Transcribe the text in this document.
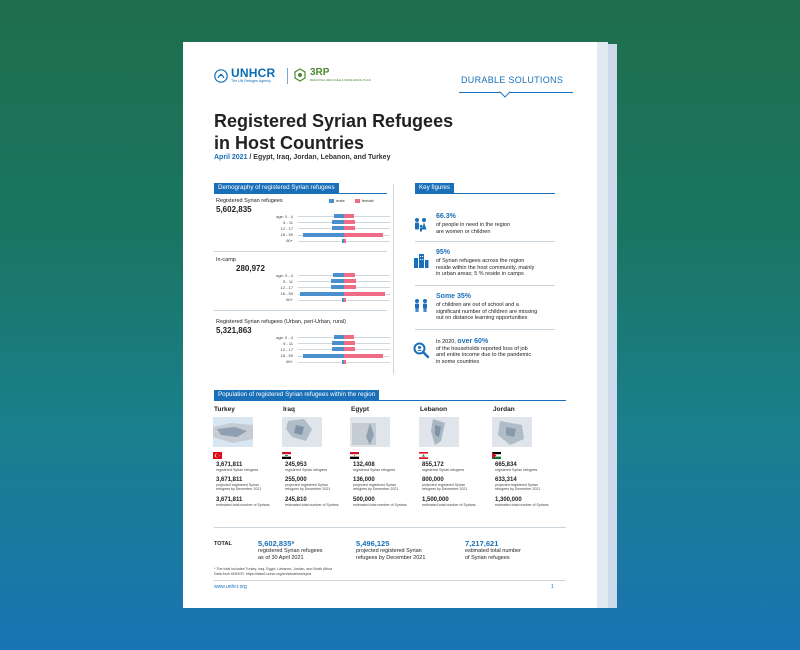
UNHCR
The UN Refugee Agency
3RP
REGIONAL REFUGEE & RESILIENCE PLAN	DURABLE SOLUTIONS
Registered Syrian Refugees
in Host Countries
April 2021 / Egypt, Iraq, Jordan, Lebanon, and Turkey
Demography of registered Syrian refugees
male	female
Key figures
66.3%
of people in need in the region
are women or children
95%
of Syrian refugees across the region
reside within the host community, mainly
in urban areas; 5 % reside in camps
Some 35%
of children are out of school and a
significant number of children are missing
out on distance learning opportunities
In 2020, over 60%
of the households reported loss of job
and entire income due to the pandemic
in some countries
Population of registered Syrian refugees within the region
TOTAL	5,602,835*
registered Syrian refugees
as of 30 April 2021
5,496,125
projected registered Syrian
refugees by December 2021
7,217,621
estimated total number
of Syrian refugees
* The total includes Turkey, Iraq, Egypt, Lebanon, Jordan, and North Africa
Data from UNHCR: https://data2.unhcr.org/en/situations/syria
www.unhcr.org	1
Registered Syrian refugees
5,602,835
age: 0 - 4
5 - 11
12 - 17
18 - 59
60+
In-camp
280,972
age: 0 - 4
5 - 11
12 - 17
18 - 59
60+
Registered Syrian refugees (Urban, peri-Urban, rural)
5,321,863
age: 0 - 4
5 - 11
12 - 17
18 - 59
60+
Turkey
3,671,811
registered Syrian refugees
3,671,811
projected registered Syrian
refugees by December 2021
3,671,811
estimated total number of Syrians
Iraq
245,953
registered Syrian refugees
255,000
projected registered Syrian
refugees by December 2021
245,810
estimated total number of Syrians
Egypt
132,408
registered Syrian refugees
136,000
projected registered Syrian
refugees by December 2021
500,000
estimated total number of Syrians
Lebanon
855,172
registered Syrian refugees
800,000
projected registered Syrian
refugees by December 2021
1,500,000
estimated total number of Syrians
Jordan
665,834
registered Syrian refugees
633,314
projected registered Syrian
refugees by December 2021
1,300,000
estimated total number of Syrians
